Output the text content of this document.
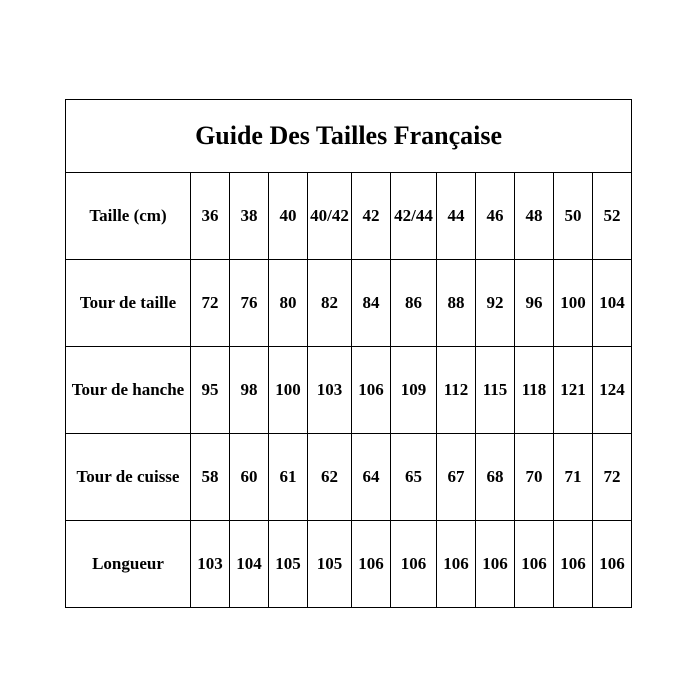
Guide Des Tailles Française											
Taille (cm)	36	38	40	40/42	42	42/44	44	46	48	50	52
Tour de taille	72	76	80	82	84	86	88	92	96	100	104
Tour de hanche	95	98	100	103	106	109	112	115	118	121	124
Tour de cuisse	58	60	61	62	64	65	67	68	70	71	72
Longueur	103	104	105	105	106	106	106	106	106	106	106
